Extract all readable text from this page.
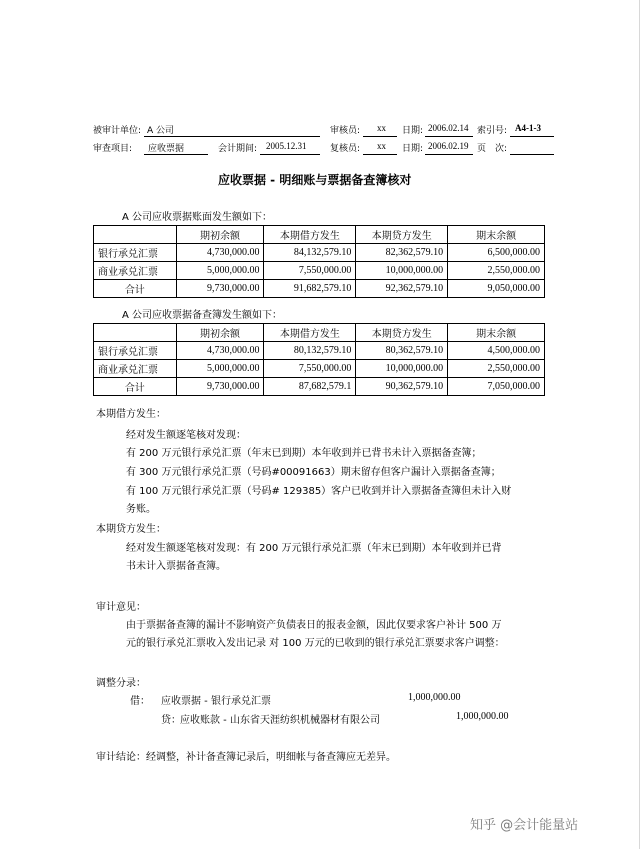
被审计单位: A 公司	审核员: xx 日期: 2006.02.14 索引号: A4-1-3
审查项目: 应收票据	会计期间: 2005.12.31	复核员: xx 日期: 2006.02.19 页 次:
应收票据 - 明细账与票据备查簿核对
A 公司应收票据账面发生额如下：
	期初余额	本期借方发生	本期贷方发生	期末余额
银行承兑汇票	4,730,000.00	84,132,579.10	82,362,579.10	6,500,000.00
商业承兑汇票	5,000,000.00	7,550,000.00	10,000,000.00	2,550,000.00
合计	9,730,000.00	91,682,579.10	92,362,579.10	9,050,000.00
A 公司应收票据备查簿发生额如下：
	期初余额	本期借方发生	本期贷方发生	期末余额
银行承兑汇票	4,730,000.00	80,132,579.10	80,362,579.10	4,500,000.00
商业承兑汇票	5,000,000.00	7,550,000.00	10,000,000.00	2,550,000.00
合计	9,730,000.00	87,682,579.1	90,362,579.10	7,050,000.00
本期借方发生：
经对发生额逐笔核对发现：
有 200 万元银行承兑汇票（年末已到期）本年收到并已背书未计入票据备查簿；
有 300 万元银行承兑汇票（号码#00091663）期末留存但客户漏计入票据备查簿；
有 100 万元银行承兑汇票（号码# 129385）客户已收到并计入票据备查簿但未计入财
务账。
本期贷方发生：
经对发生额逐笔核对发现：有 200 万元银行承兑汇票（年末已到期）本年收到并已背
书未计入票据备查簿。
审计意见：
由于票据备查簿的漏计不影响资产负债表日的报表金额，因此仅要求客户补计 500 万
元的银行承兑汇票收入发出记录 对 100 万元的已收到的银行承兑汇票要求客户调整：
调整分录：
借： 应收票据 - 银行承兑汇票	1,000,000.00
贷： 应收账款 - 山东省天涯纺织机械器材有限公司	1,000,000.00
审计结论：经调整，补计备查簿记录后，明细帐与备查簿应无差异。
知乎 @会计能量站
